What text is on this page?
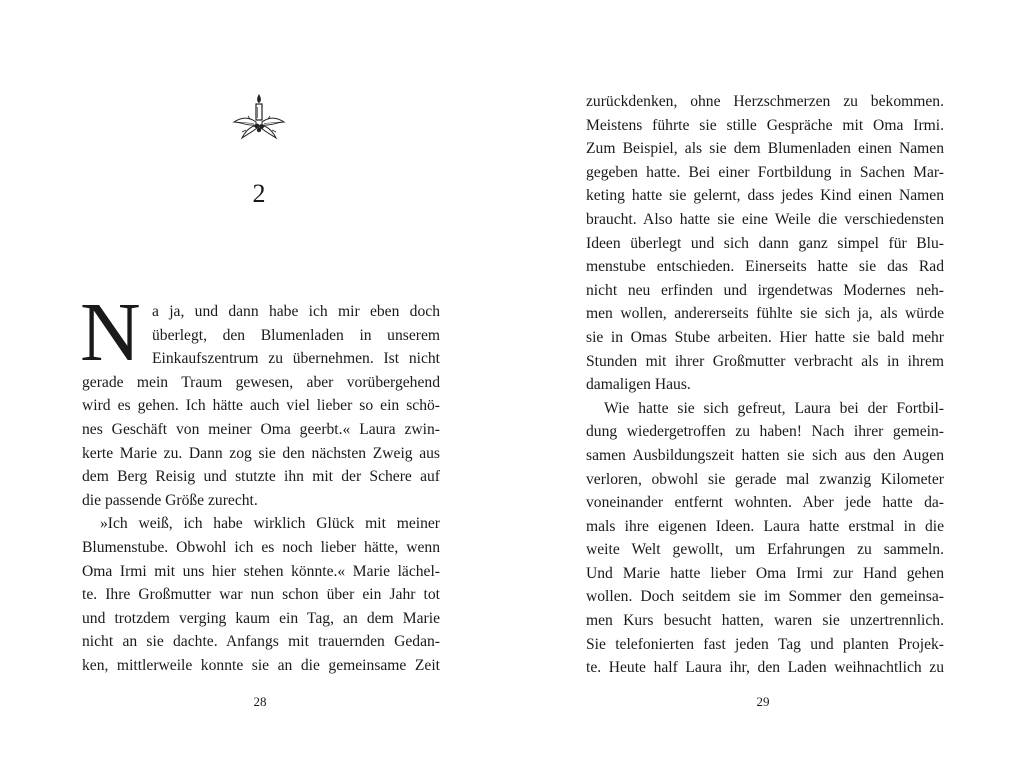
2
N a ja, und dann habe ich mir eben doch
überlegt, den Blumenladen in unserem
Einkaufszentrum zu übernehmen. Ist nicht
gerade mein Traum gewesen, aber vorübergehend
wird es gehen. Ich hätte auch viel lieber so ein schö-
nes Geschäft von meiner Oma geerbt.« Laura zwin-
kerte Marie zu. Dann zog sie den nächsten Zweig aus
dem Berg Reisig und stutzte ihn mit der Schere auf
die passende Größe zurecht.
»Ich weiß, ich habe wirklich Glück mit meiner
Blumenstube. Obwohl ich es noch lieber hätte, wenn
Oma Irmi mit uns hier stehen könnte.« Marie lächel-
te. Ihre Großmutter war nun schon über ein Jahr tot
und trotzdem verging kaum ein Tag, an dem Marie
nicht an sie dachte. Anfangs mit trauernden Gedan-
ken, mittlerweile konnte sie an die gemeinsame Zeit
28
zurückdenken, ohne Herzschmerzen zu bekommen.
Meistens führte sie stille Gespräche mit Oma Irmi.
Zum Beispiel, als sie dem Blumenladen einen Namen
gegeben hatte. Bei einer Fortbildung in Sachen Mar-
keting hatte sie gelernt, dass jedes Kind einen Namen
braucht. Also hatte sie eine Weile die verschiedensten
Ideen überlegt und sich dann ganz simpel für Blu-
menstube entschieden. Einerseits hatte sie das Rad
nicht neu erfinden und irgendetwas Modernes neh-
men wollen, andererseits fühlte sie sich ja, als würde
sie in Omas Stube arbeiten. Hier hatte sie bald mehr
Stunden mit ihrer Großmutter verbracht als in ihrem
damaligen Haus.
Wie hatte sie sich gefreut, Laura bei der Fortbil-
dung wiedergetroffen zu haben! Nach ihrer gemein-
samen Ausbildungszeit hatten sie sich aus den Augen
verloren, obwohl sie gerade mal zwanzig Kilometer
voneinander entfernt wohnten. Aber jede hatte da-
mals ihre eigenen Ideen. Laura hatte erstmal in die
weite Welt gewollt, um Erfahrungen zu sammeln.
Und Marie hatte lieber Oma Irmi zur Hand gehen
wollen. Doch seitdem sie im Sommer den gemeinsa-
men Kurs besucht hatten, waren sie unzertrennlich.
Sie telefonierten fast jeden Tag und planten Projek-
te. Heute half Laura ihr, den Laden weihnachtlich zu
29
